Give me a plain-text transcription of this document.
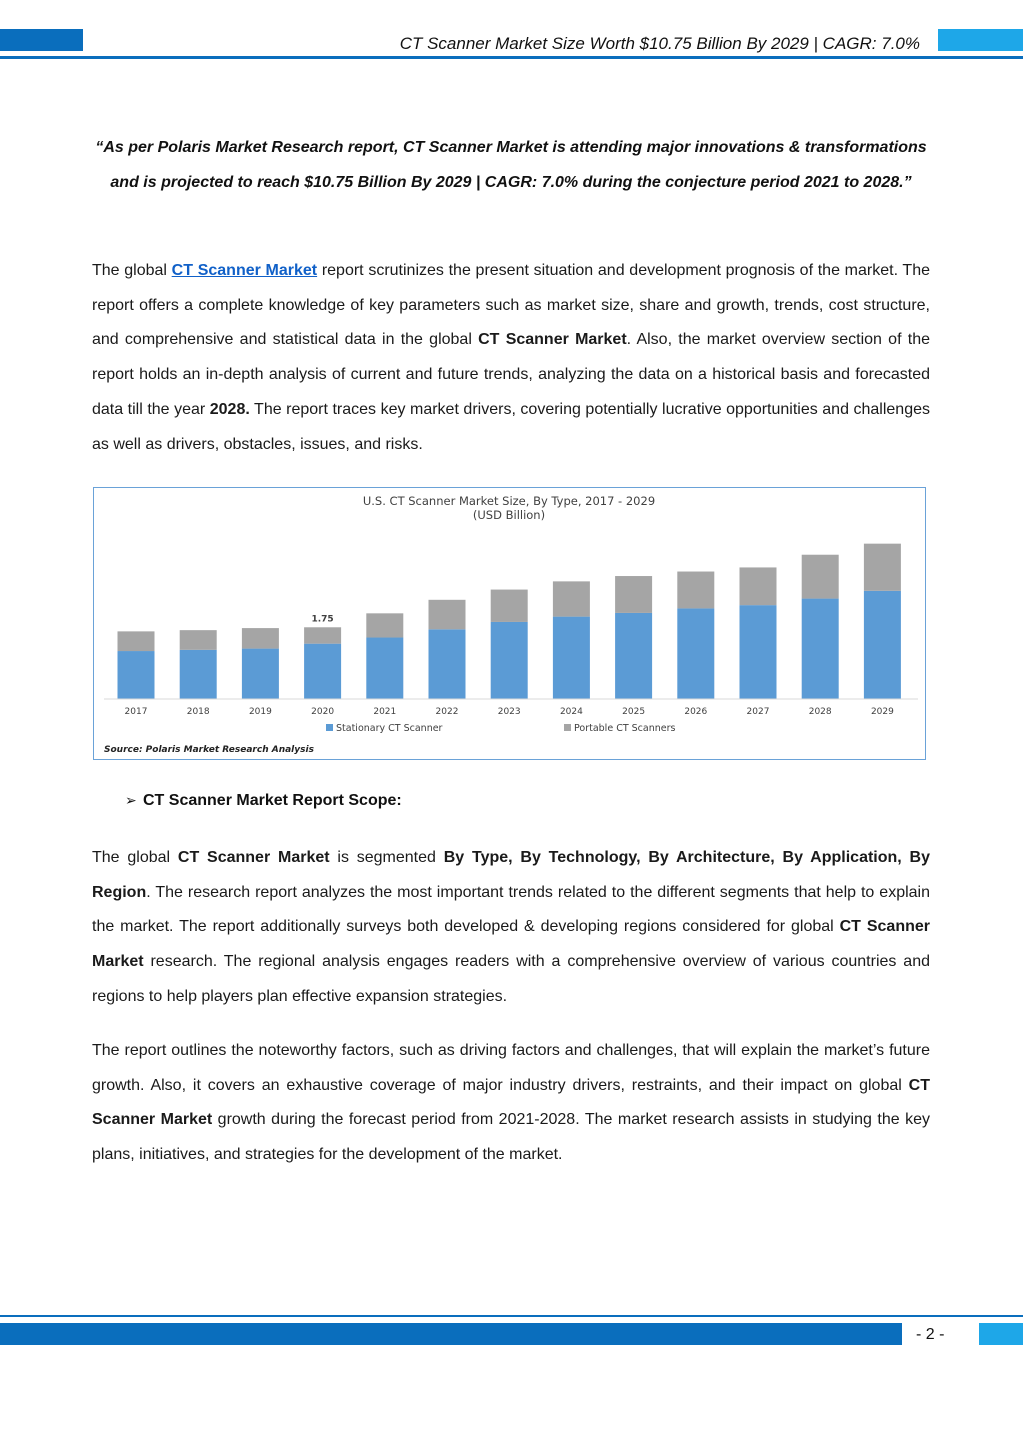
CT Scanner Market Size Worth $10.75 Billion By 2029 | CAGR: 7.0%
“As per Polaris Market Research report, CT Scanner Market is attending major innovations & transformations and is projected to reach $10.75 Billion By 2029 | CAGR: 7.0% during the conjecture period 2021 to 2028.”
The global CT Scanner Market report scrutinizes the present situation and development prognosis of the market. The report offers a complete knowledge of key parameters such as market size, share and growth, trends, cost structure, and comprehensive and statistical data in the global CT Scanner Market. Also, the market overview section of the report holds an in-depth analysis of current and future trends, analyzing the data on a historical basis and forecasted data till the year 2028. The report traces key market drivers, covering potentially lucrative opportunities and challenges as well as drivers, obstacles, issues, and risks.
U.S. CT Scanner Market Size, By Type, 2017 - 2029
(USD Billion)
2017	2018	2019	2020	2021	2022	2023	2024	2025	2026	2027	2028	2029
1.75
Stationary CT Scanner	Portable CT Scanners
Source: Polaris Market Research Analysis
➢ CT Scanner Market Report Scope:
The global CT Scanner Market is segmented By Type, By Technology, By Architecture, By Application, By Region. The research report analyzes the most important trends related to the different segments that help to explain the market. The report additionally surveys both developed & developing regions considered for global CT Scanner Market research. The regional analysis engages readers with a comprehensive overview of various countries and regions to help players plan effective expansion strategies.
The report outlines the noteworthy factors, such as driving factors and challenges, that will explain the market’s future growth. Also, it covers an exhaustive coverage of major industry drivers, restraints, and their impact on global CT Scanner Market growth during the forecast period from 2021-2028. The market research assists in studying the key plans, initiatives, and strategies for the development of the market.
- 2 -
